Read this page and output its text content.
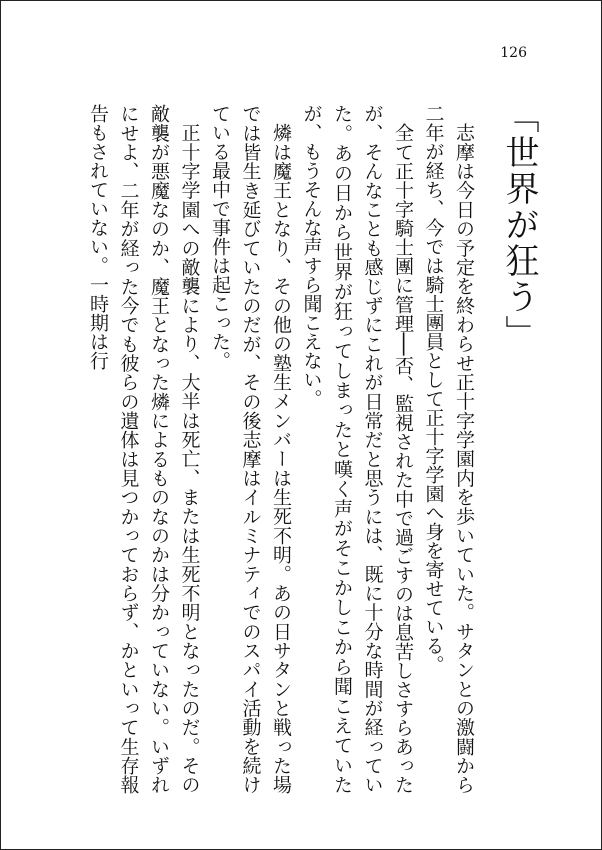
126
「世界が狂う」

志摩は今日の予定を終わらせ正十字学園内を歩いていた。サタンとの激闘から二年が経ち、今では騎士團員として正十字学園へ身を寄せている。

全て正十字騎士團に管理──否、監視された中で過ごすのは息苦しさすらあったが、そんなことも感じずにこれが日常だと思うには、既に十分な時間が経っていた。あの日から世界が狂ってしまったと嘆く声がそこかしこから聞こえていたが、もうそんな声すら聞こえない。

燐は魔王となり、その他の塾生メンバーは生死不明。あの日サタンと戦った場では皆生き延びていたのだが、その後志摩はイルミナティでのスパイ活動を続けている最中で事件は起こった。

正十字学園への敵襲により、大半は死亡、または生死不明となったのだ。その敵襲が悪魔なのか、魔王となった燐によるものなのかは分かっていない。いずれにせよ、二年が経った今でも彼らの遺体は見つかっておらず、かといって生存報告もされていない。一時期は行
